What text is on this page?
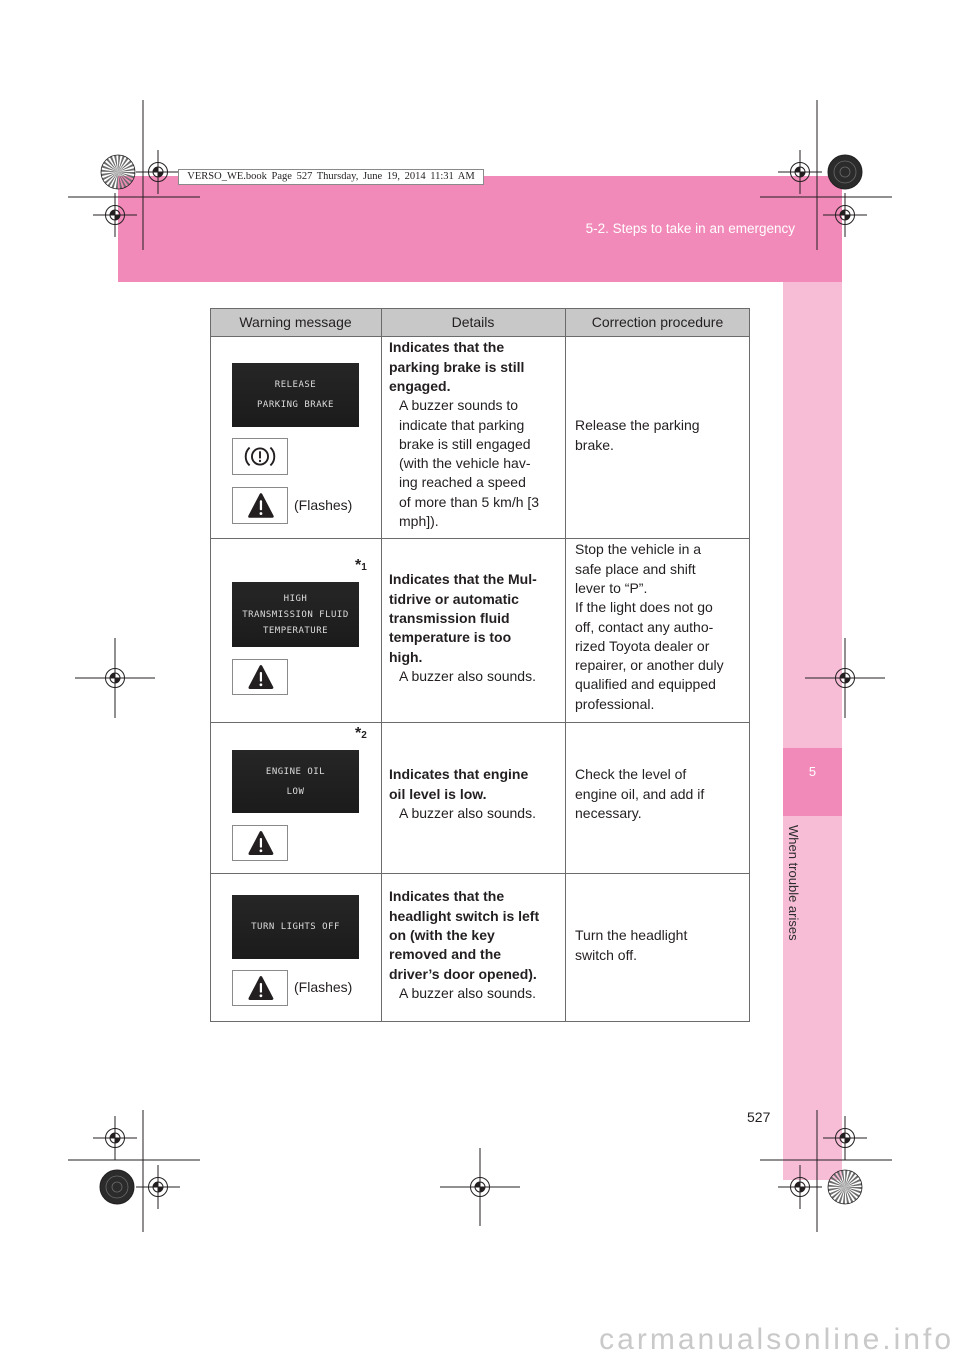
5-2. Steps to take in an emergency
5
When trouble arises
Warning message	Details	Correction procedure
RELEASE
PARKING BRAKE
(Flashes)
Indicates that the
parking brake is still
engaged.
A buzzer sounds to
indicate that parking
brake is still engaged
(with the vehicle hav-
ing reached a speed
of more than 5 km/h [3
mph]).
Release the parking
brake.
*1
HIGH
TRANSMISSION FLUID
TEMPERATURE
Indicates that the Mul-
tidrive or automatic
transmission fluid
temperature is too
high.
A buzzer also sounds.
Stop the vehicle in a
safe place and shift
lever to “P”.
If the light does not go
off, contact any autho-
rized Toyota dealer or
repairer, or another duly
qualified and equipped
professional.
*2
ENGINE OIL
LOW
Indicates that engine
oil level is low.
A buzzer also sounds.
Check the level of
engine oil, and add if
necessary.
TURN LIGHTS OFF
(Flashes)
Indicates that the
headlight switch is left
on (with the key
removed and the
driver’s door opened).
A buzzer also sounds.
Turn the headlight
switch off.
527
carmanualsonline.info
VERSO_WE.book Page 527 Thursday, June 19, 2014 11:31 AM
